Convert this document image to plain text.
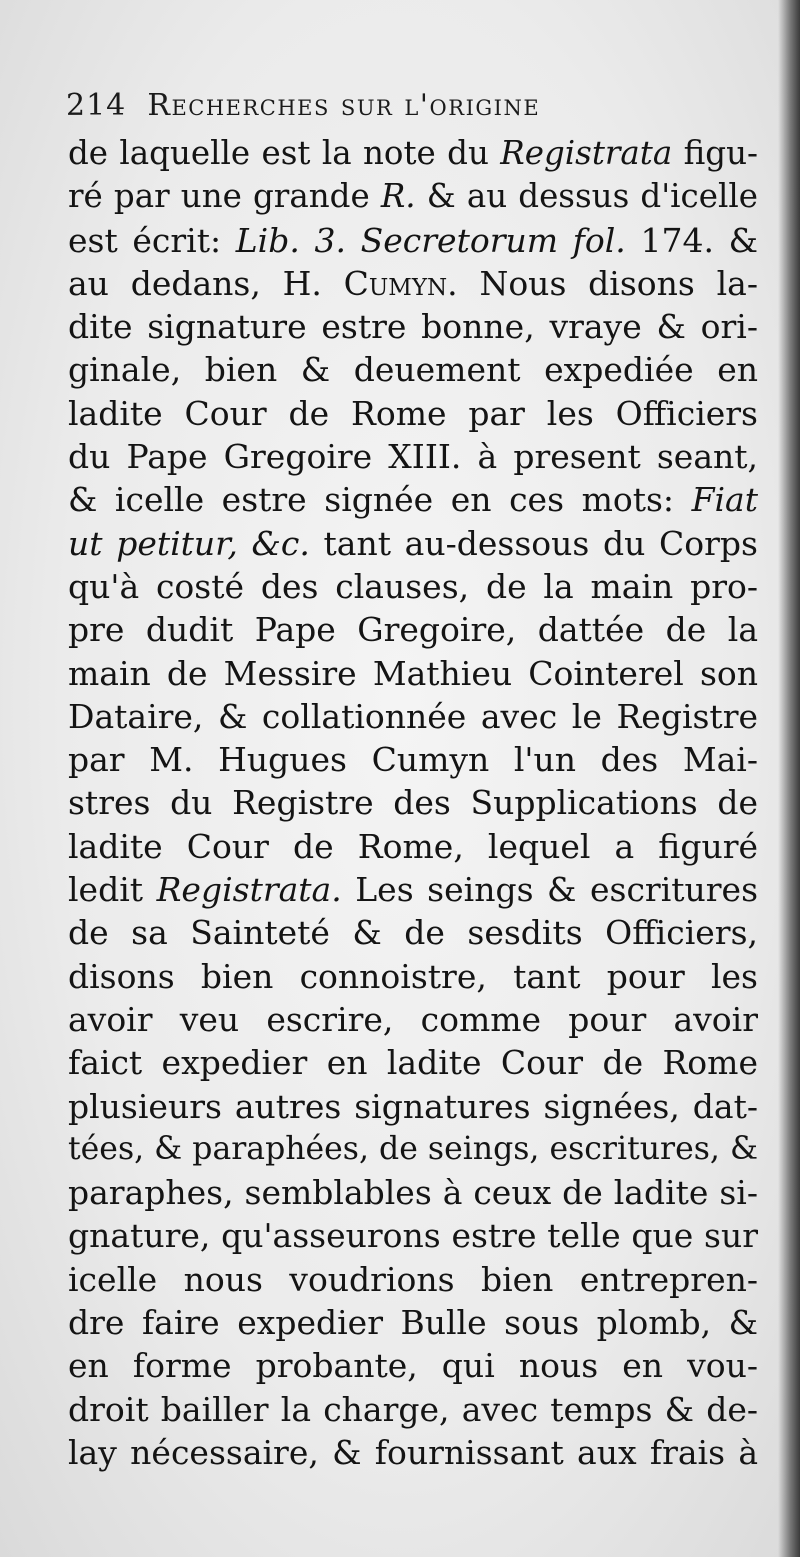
214 Recherches sur l'origine
de laquelle est la note du Registrata figu-
ré par une grande R. & au dessus d'icelle
est écrit: Lib. 3. Secretorum fol. 174. &
au dedans, H. Cumyn. Nous disons la-
dite signature estre bonne, vraye & ori-
ginale, bien & deuement expediée en
ladite Cour de Rome par les Officiers
du Pape Gregoire XIII. à present seant,
& icelle estre signée en ces mots: Fiat
ut petitur, &c. tant au-dessous du Corps
qu'à costé des clauses, de la main pro-
pre dudit Pape Gregoire, dattée de la
main de Messire Mathieu Cointerel son
Dataire, & collationnée avec le Registre
par M. Hugues Cumyn l'un des Mai-
stres du Registre des Supplications de
ladite Cour de Rome, lequel a figuré
ledit Registrata. Les seings & escritures
de sa Sainteté & de sesdits Officiers,
disons bien connoistre, tant pour les
avoir veu escrire, comme pour avoir
faict expedier en ladite Cour de Rome
plusieurs autres signatures signées, dat-
tées, & paraphées, de seings, escritures, &
paraphes, semblables à ceux de ladite si-
gnature, qu'asseurons estre telle que sur
icelle nous voudrions bien entrepren-
dre faire expedier Bulle sous plomb, &
en forme probante, qui nous en vou-
droit bailler la charge, avec temps & de-
lay nécessaire, & fournissant aux frais à
